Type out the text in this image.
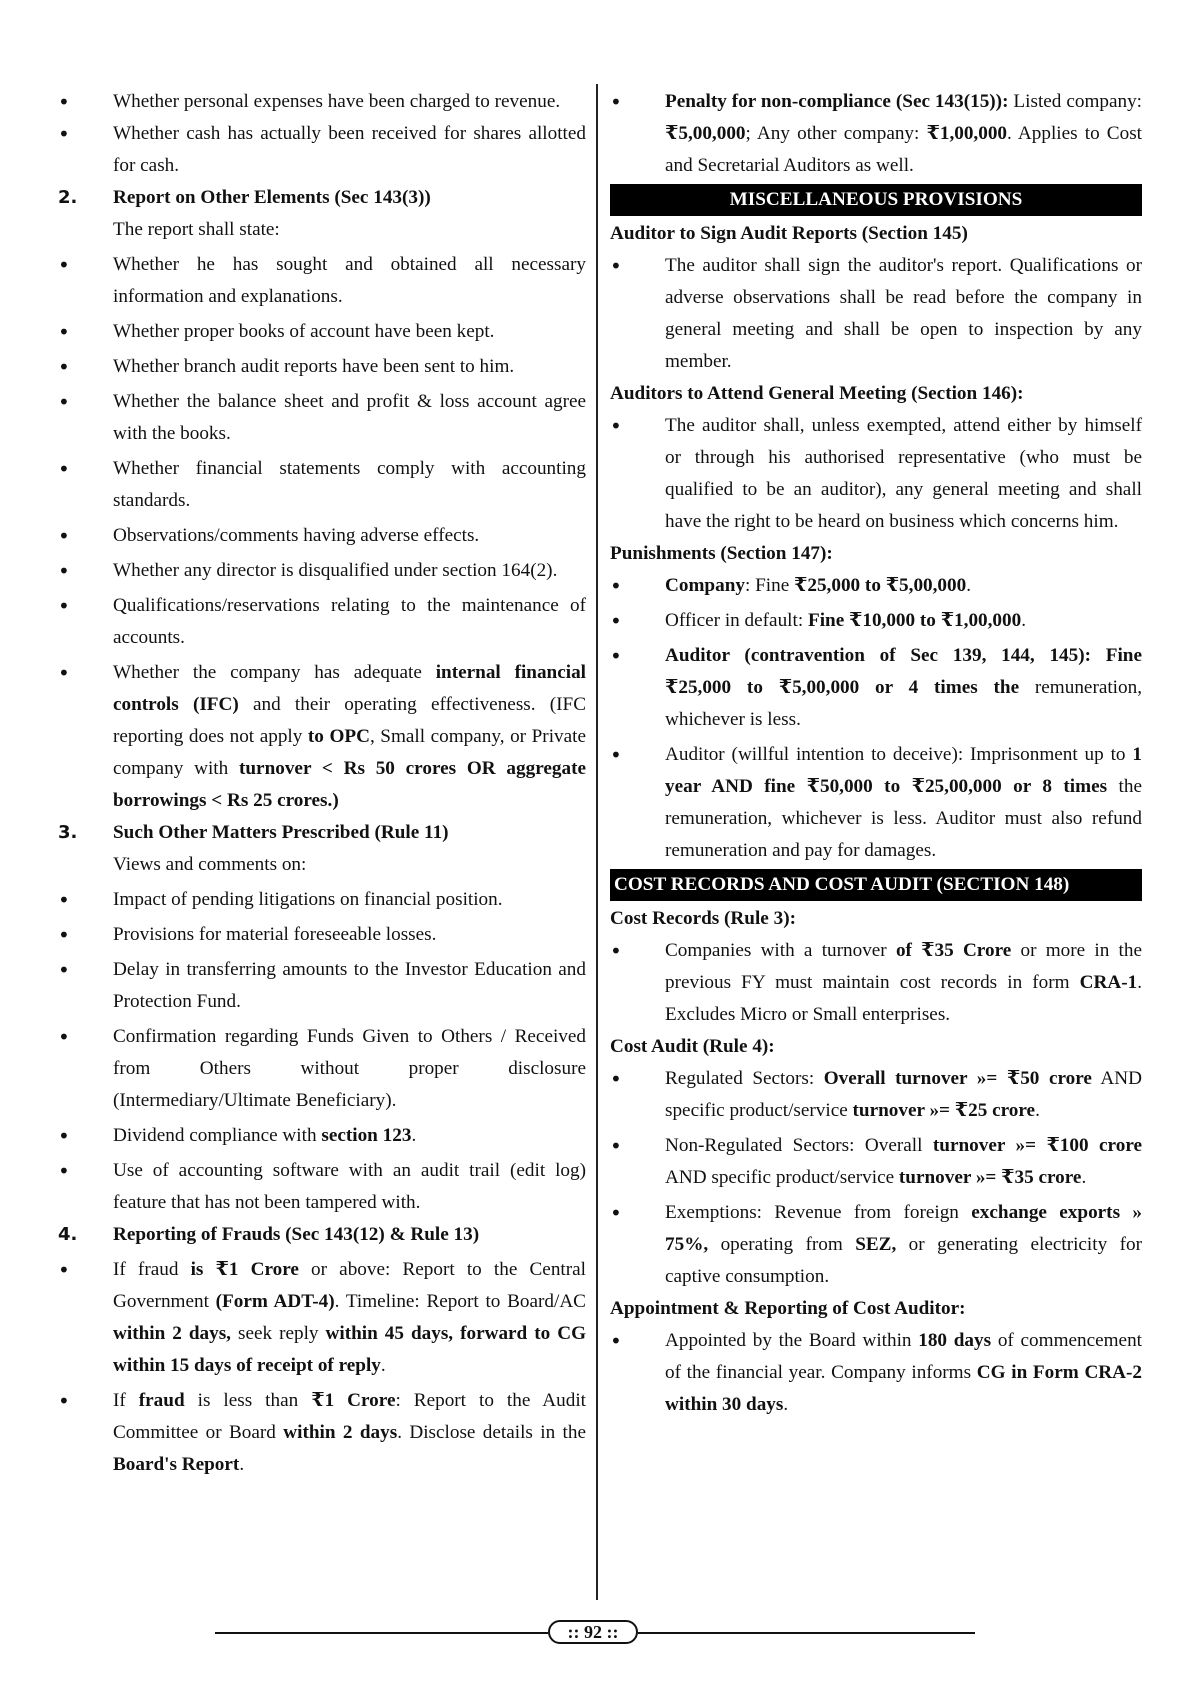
•	Whether personal expenses have been charged to revenue.
•	Whether cash has actually been received for shares allotted for cash.
2.	Report on Other Elements (Sec 143(3))
The report shall state:
•	Whether he has sought and obtained all necessary information and explanations.
•	Whether proper books of account have been kept.
•	Whether branch audit reports have been sent to him.
•	Whether the balance sheet and profit & loss account agree with the books.
•	Whether financial statements comply with accounting standards.
•	Observations/comments having adverse effects.
•	Whether any director is disqualified under section 164(2).
•	Qualifications/reservations relating to the maintenance of accounts.
•	Whether the company has adequate internal financial controls (IFC) and their operating effectiveness. (IFC reporting does not apply to OPC, Small company, or Private company with turnover < Rs 50 crores OR aggregate borrowings < Rs 25 crores.)
3.	Such Other Matters Prescribed (Rule 11)
Views and comments on:
•	Impact of pending litigations on financial position.
•	Provisions for material foreseeable losses.
•	Delay in transferring amounts to the Investor Education and Protection Fund.
•	Confirmation regarding Funds Given to Others / Received from Others without proper disclosure (Intermediary/Ultimate Beneficiary).
•	Dividend compliance with section 123.
•	Use of accounting software with an audit trail (edit log) feature that has not been tampered with.
4.	Reporting of Frauds (Sec 143(12) & Rule 13)
•	If fraud is ₹1 Crore or above: Report to the Central Government (Form ADT-4). Timeline: Report to Board/AC within 2 days, seek reply within 45 days, forward to CG within 15 days of receipt of reply.
•	If fraud is less than ₹1 Crore: Report to the Audit Committee or Board within 2 days. Disclose details in the Board's Report.
•	Penalty for non-compliance (Sec 143(15)): Listed company: ₹5,00,000; Any other company: ₹1,00,000. Applies to Cost and Secretarial Auditors as well.
MISCELLANEOUS PROVISIONS
Auditor to Sign Audit Reports (Section 145)
•	The auditor shall sign the auditor's report. Qualifications or adverse observations shall be read before the company in general meeting and shall be open to inspection by any member.
Auditors to Attend General Meeting (Section 146):
•	The auditor shall, unless exempted, attend either by himself or through his authorised representative (who must be qualified to be an auditor), any general meeting and shall have the right to be heard on business which concerns him.
Punishments (Section 147):
•	Company: Fine ₹25,000 to ₹5,00,000.
•	Officer in default: Fine ₹10,000 to ₹1,00,000.
•	Auditor (contravention of Sec 139, 144, 145): Fine ₹25,000 to ₹5,00,000 or 4 times the remuneration, whichever is less.
•	Auditor (willful intention to deceive): Imprisonment up to 1 year AND fine ₹50,000 to ₹25,00,000 or 8 times the remuneration, whichever is less. Auditor must also refund remuneration and pay for damages.
COST RECORDS AND COST AUDIT (SECTION 148)
Cost Records (Rule 3):
•	Companies with a turnover of ₹35 Crore or more in the previous FY must maintain cost records in form CRA-1. Excludes Micro or Small enterprises.
Cost Audit (Rule 4):
•	Regulated Sectors: Overall turnover »= ₹50 crore AND specific product/service turnover »= ₹25 crore.
•	Non-Regulated Sectors: Overall turnover »= ₹100 crore AND specific product/service turnover »= ₹35 crore.
•	Exemptions: Revenue from foreign exchange exports » 75%, operating from SEZ, or generating electricity for captive consumption.
Appointment & Reporting of Cost Auditor:
•	Appointed by the Board within 180 days of commencement of the financial year. Company informs CG in Form CRA-2 within 30 days.
:: 92 ::
